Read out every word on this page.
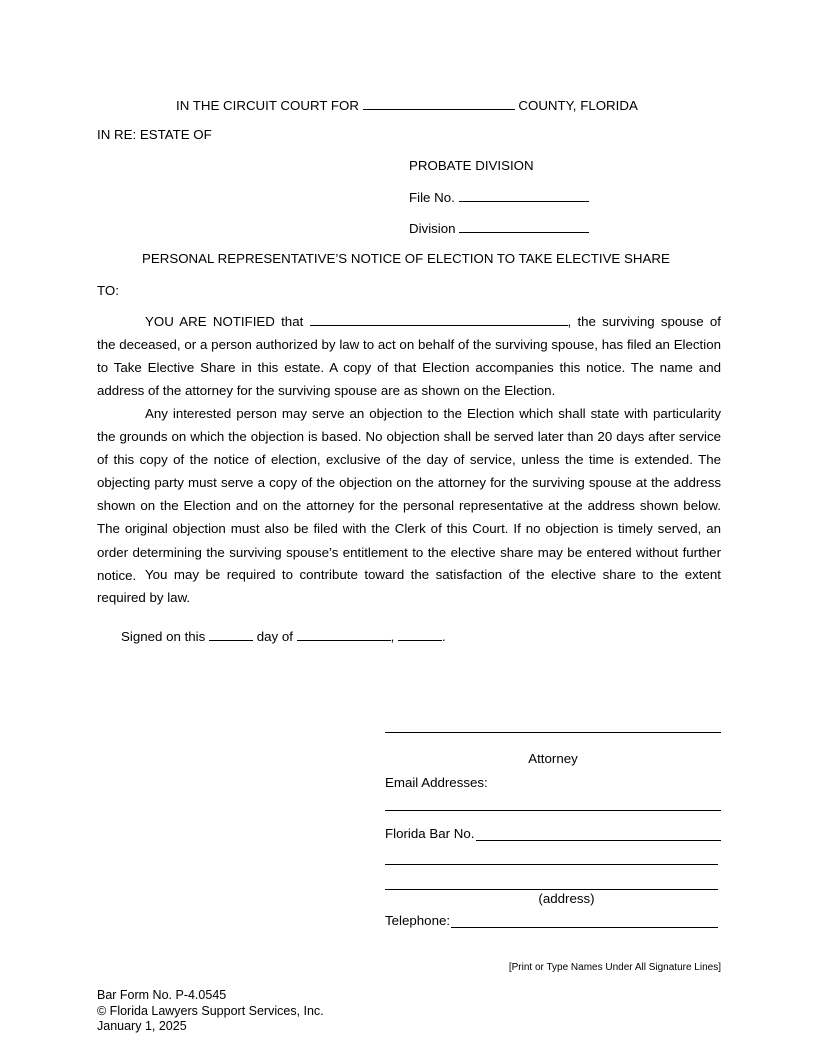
IN THE CIRCUIT COURT FOR	COUNTY, FLORIDA
IN RE: ESTATE OF
PROBATE DIVISION
File No.
Division
PERSONAL REPRESENTATIVE’S NOTICE OF ELECTION TO TAKE ELECTIVE SHARE
TO:
YOU ARE NOTIFIED that	, the surviving spouse of the deceased, or a person authorized by law to act on behalf of the surviving spouse, has filed an Election to Take Elective Share in this estate. A copy of that Election accompanies this notice. The name and address of the attorney for the surviving spouse are as shown on the Election.
Any interested person may serve an objection to the Election which shall state with particularity the grounds on which the objection is based. No objection shall be served later than 20 days after service of this copy of the notice of election, exclusive of the day of service, unless the time is extended. The objecting party must serve a copy of the objection on the attorney for the surviving spouse at the address shown on the Election and on the attorney for the personal representative at the address shown below. The original objection must also be filed with the Clerk of this Court. If no objection is timely served, an order determining the surviving spouse’s entitlement to the elective share may be entered without further notice. You may be required to contribute toward the satisfaction of the elective share to the extent required by law.
Signed on this	day of	,	.
Attorney
Email Addresses:
Florida Bar No.
(address)
Telephone:
[Print or Type Names Under All Signature Lines]
Bar Form No. P-4.0545
© Florida Lawyers Support Services, Inc.
January 1, 2025
